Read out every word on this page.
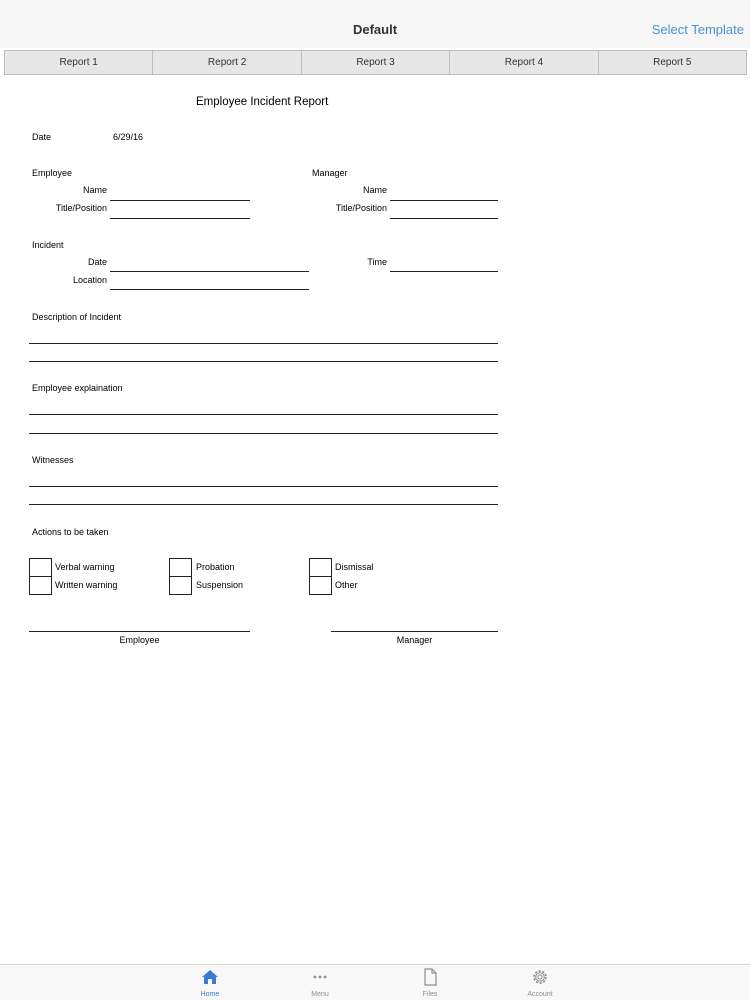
Default	Select Template
Report 1	Report 2	Report 3	Report 4	Report 5
Employee Incident Report
Date	6/29/16
Employee
Name
Title/Position
Manager
Name
Title/Position
Incident
Date
Location
Time
Description of Incident
Employee explaination
Witnesses
Actions to be taken
Verbal warning
Written warning
Probation
Suspension
Dismissal
Other
Employee	Manager
Home	Menu	Files	Account
